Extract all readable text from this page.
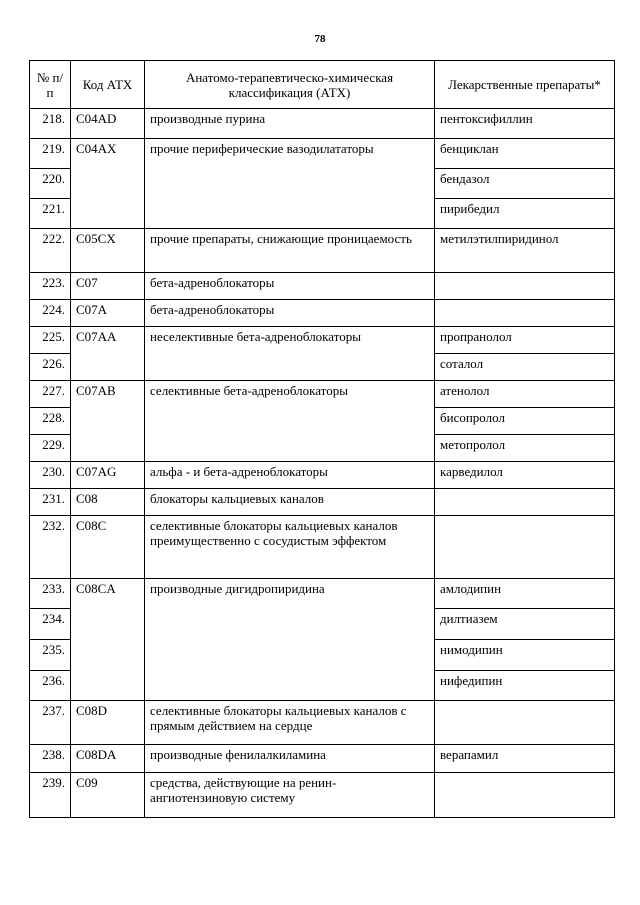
78
№ п/п	Код АТХ	Анатомо-терапевтическо-химическая классификация (АТХ)	Лекарственные препараты*
218.	C04AD	производные пурина	пентоксифиллин
219.	C04AX	прочие периферические вазодилататоры	бенциклан
220.			бендазол
221.			пирибедил
222.	C05CX	прочие препараты, снижающие проницаемость	метилэтилпиридинол
223.	C07	бета-адреноблокаторы	
224.	C07A	бета-адреноблокаторы	
225.	C07AA	неселективные бета-адреноблокаторы	пропранолол
226.			соталол
227.	C07AB	селективные бета-адреноблокаторы	атенолол
228.			бисопролол
229.			метопролол
230.	C07AG	альфа - и бета-адреноблокаторы	карведилол
231.	C08	блокаторы кальциевых каналов	
232.	C08C	селективные блокаторы кальциевых каналов преимущественно с сосудистым эффектом	
233.	C08CA	производные дигидропиридина	амлодипин
234.			дилтиазем
235.			нимодипин
236.			нифедипин
237.	C08D	селективные блокаторы кальциевых каналов с прямым действием на сердце	
238.	C08DA	производные фенилалкиламина	верапамил
239.	C09	средства, действующие на ренин-ангиотензиновую систему	
